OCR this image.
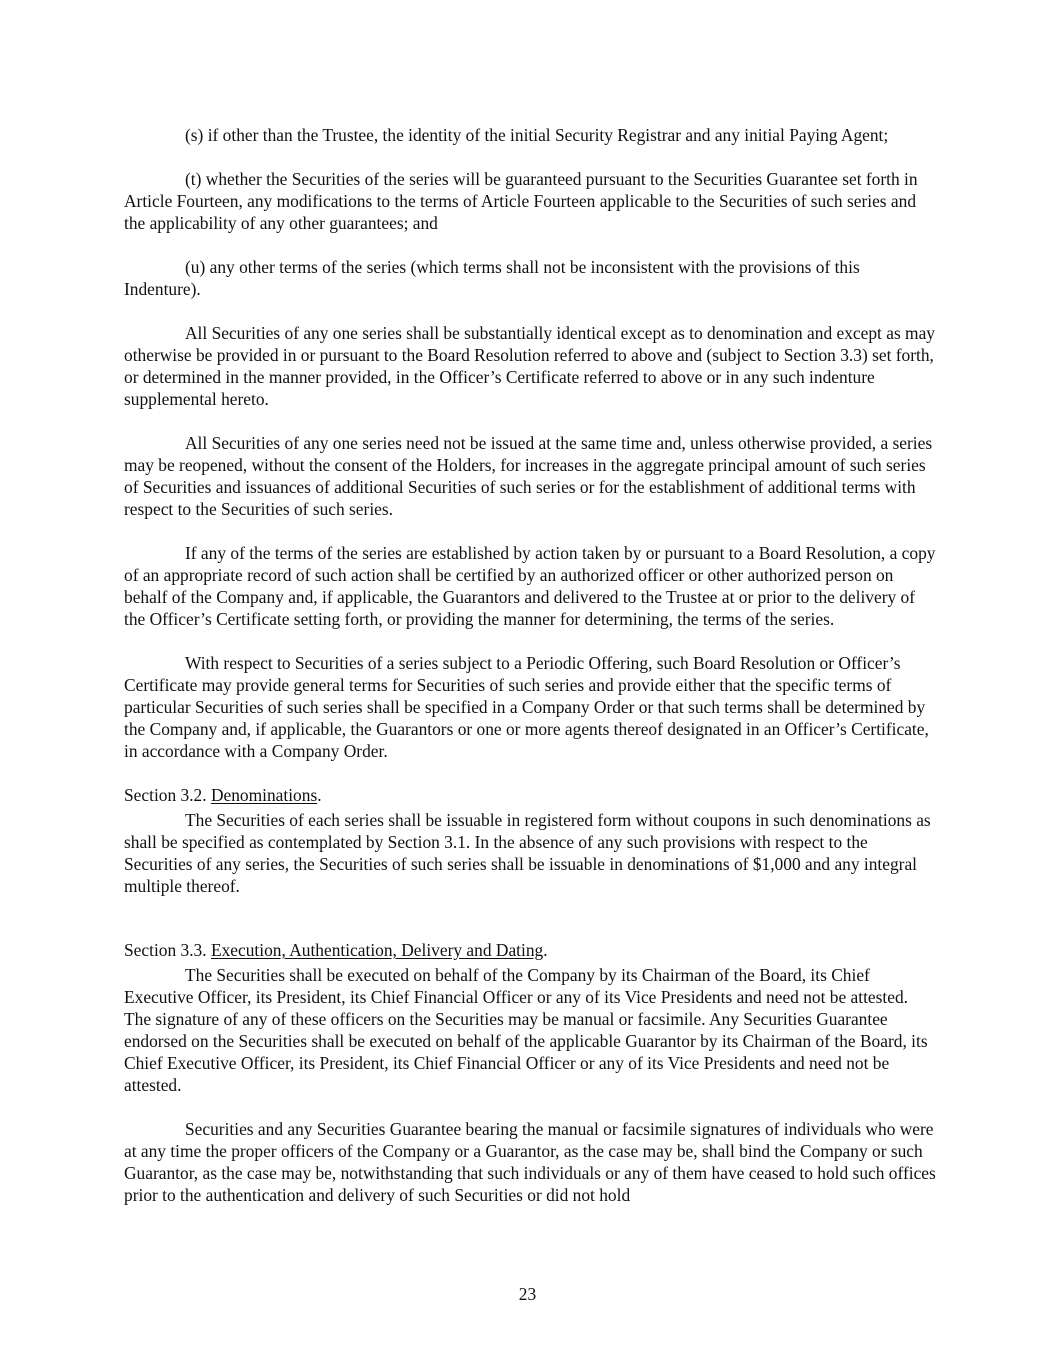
(s) if other than the Trustee, the identity of the initial Security Registrar and any initial Paying Agent;

(t) whether the Securities of the series will be guaranteed pursuant to the Securities Guarantee set forth in Article Fourteen, any modifications to the terms of Article Fourteen applicable to the Securities of such series and the applicability of any other guarantees; and

(u) any other terms of the series (which terms shall not be inconsistent with the provisions of this Indenture).

All Securities of any one series shall be substantially identical except as to denomination and except as may otherwise be provided in or pursuant to the Board Resolution referred to above and (subject to Section 3.3) set forth, or determined in the manner provided, in the Officer’s Certificate referred to above or in any such indenture supplemental hereto.

All Securities of any one series need not be issued at the same time and, unless otherwise provided, a series may be reopened, without the consent of the Holders, for increases in the aggregate principal amount of such series of Securities and issuances of additional Securities of such series or for the establishment of additional terms with respect to the Securities of such series.

If any of the terms of the series are established by action taken by or pursuant to a Board Resolution, a copy of an appropriate record of such action shall be certified by an authorized officer or other authorized person on behalf of the Company and, if applicable, the Guarantors and delivered to the Trustee at or prior to the delivery of the Officer’s Certificate setting forth, or providing the manner for determining, the terms of the series.

With respect to Securities of a series subject to a Periodic Offering, such Board Resolution or Officer’s Certificate may provide general terms for Securities of such series and provide either that the specific terms of particular Securities of such series shall be specified in a Company Order or that such terms shall be determined by the Company and, if applicable, the Guarantors or one or more agents thereof designated in an Officer’s Certificate, in accordance with a Company Order.

Section 3.2. Denominations.

The Securities of each series shall be issuable in registered form without coupons in such denominations as shall be specified as contemplated by Section 3.1. In the absence of any such provisions with respect to the Securities of any series, the Securities of such series shall be issuable in denominations of $1,000 and any integral multiple thereof.

Section 3.3. Execution, Authentication, Delivery and Dating.

The Securities shall be executed on behalf of the Company by its Chairman of the Board, its Chief Executive Officer, its President, its Chief Financial Officer or any of its Vice Presidents and need not be attested. The signature of any of these officers on the Securities may be manual or facsimile. Any Securities Guarantee endorsed on the Securities shall be executed on behalf of the applicable Guarantor by its Chairman of the Board, its Chief Executive Officer, its President, its Chief Financial Officer or any of its Vice Presidents and need not be attested.

Securities and any Securities Guarantee bearing the manual or facsimile signatures of individuals who were at any time the proper officers of the Company or a Guarantor, as the case may be, shall bind the Company or such Guarantor, as the case may be, notwithstanding that such individuals or any of them have ceased to hold such offices prior to the authentication and delivery of such Securities or did not hold

23
